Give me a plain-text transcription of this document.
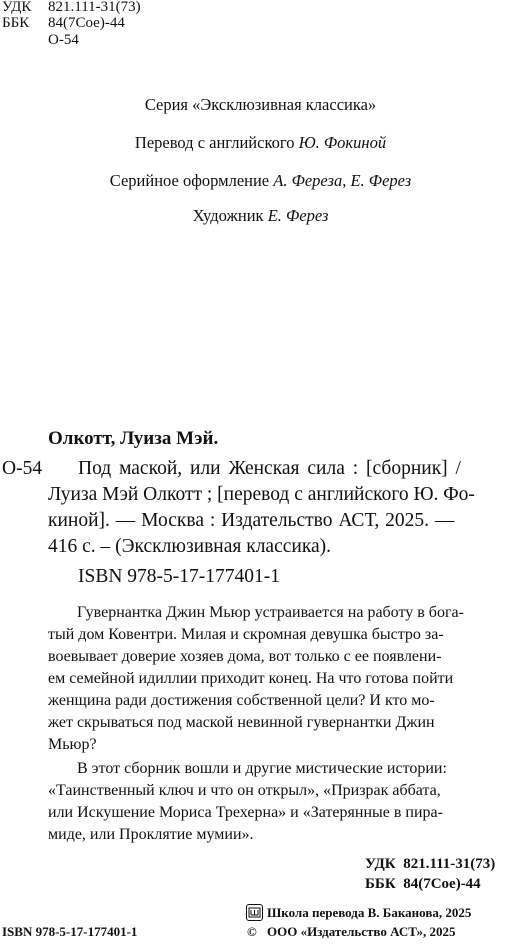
УДК 821.111-31(73)
ББК 84(7Сое)-44
О-54
Серия «Эксклюзивная классика»
Перевод с английского Ю. Фокиной
Серийное оформление А. Фереза, Е. Ферез
Художник Е. Ферез
Олкотт, Луиза Мэй.
О-54 Под маской, или Женская сила : [сборник] /
Луиза Мэй Олкотт ; [перевод с английского Ю. Фо-
киной]. — Москва : Издательство АСТ, 2025. —
416 с. – (Эксклюзивная классика).
ISBN 978-5-17-177401-1
Гувернантка Джин Мьюр устраивается на работу в бога-
тый дом Ковентри. Милая и скромная девушка быстро за-
воевывает доверие хозяев дома, вот только с ее появлени-
ем семейной идиллии приходит конец. На что готова пойти
женщина ради достижения собственной цели? И кто мо-
жет скрываться под маской невинной гувернантки Джин
Мьюр?
В этот сборник вошли и другие мистические истории:
«Таинственный ключ и что он открыл», «Призрак аббата,
или Искушение Мориса Трехерна» и «Затерянные в пира-
миде, или Проклятие мумии».
УДК  821.111-31(73)
ББК  84(7Сое)-44
ISBN 978-5-17-177401-1
Школа перевода В. Баканова, 2025
© ООО «Издательство АСТ», 2025
